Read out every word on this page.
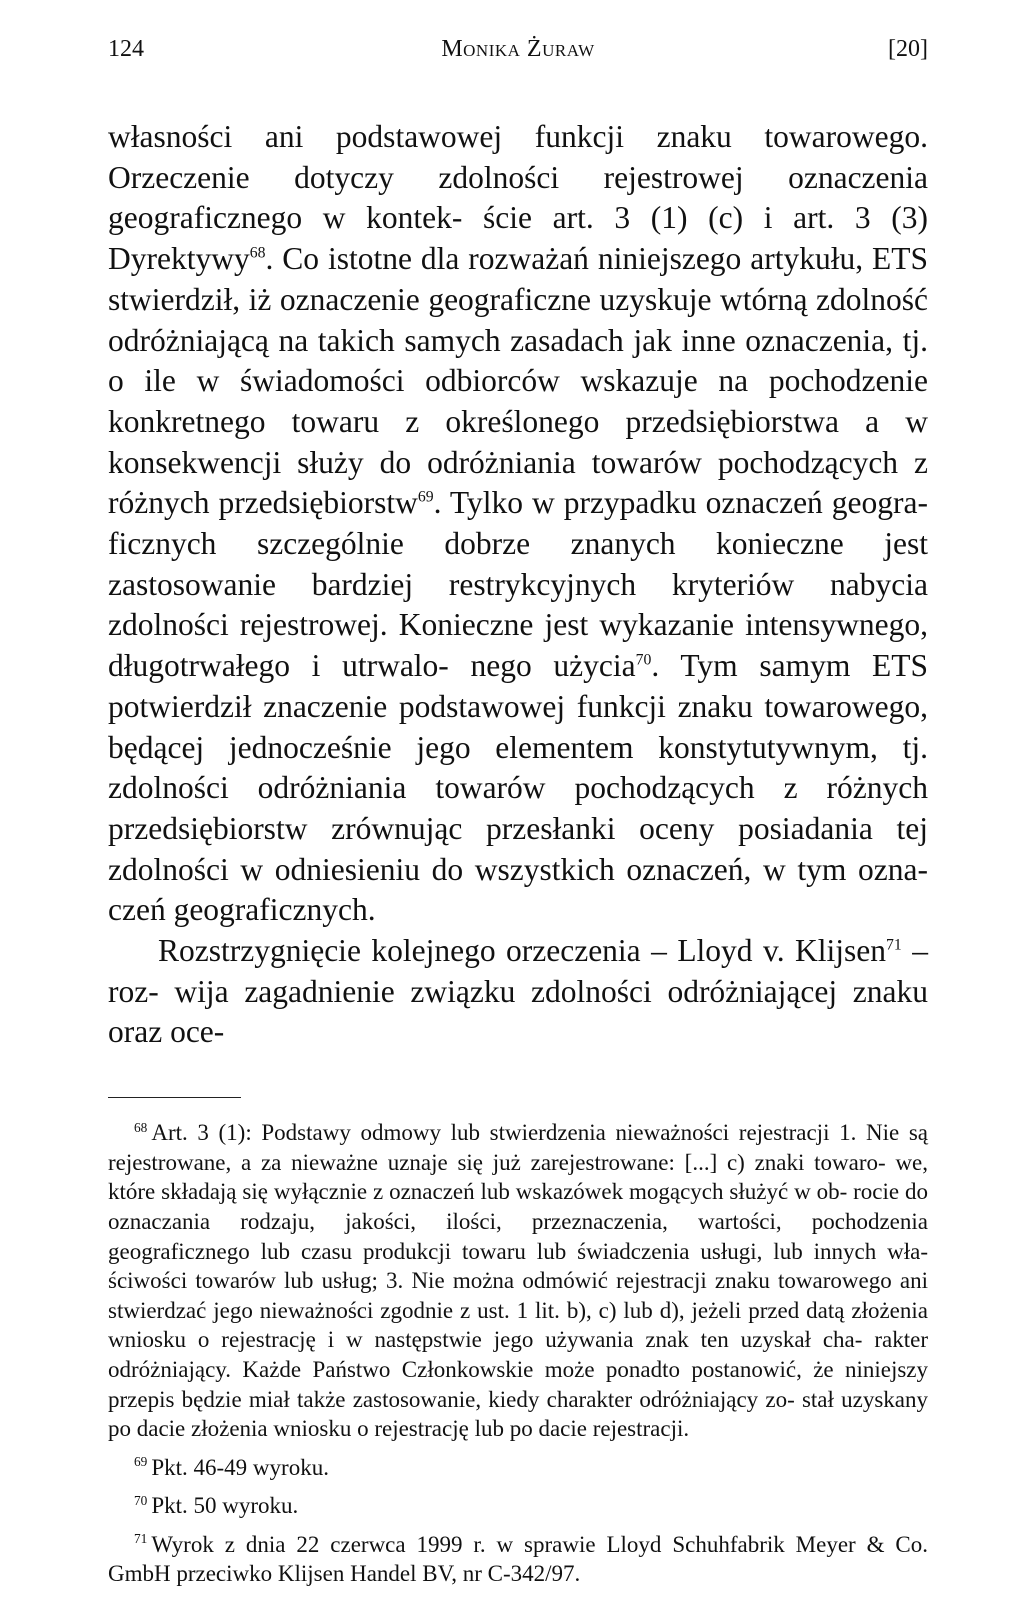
124	Monika Żuraw	[20]

własności ani podstawowej funkcji znaku towarowego. Orzeczenie dotyczy zdolności rejestrowej oznaczenia geograficznego w kontek- ście art. 3 (1) (c) i art. 3 (3) Dyrektywy$^{68}$. Co istotne dla rozważań niniejszego artykułu, ETS stwierdził, iż oznaczenie geograficzne uzyskuje wtórną zdolność odróżniającą na takich samych zasadach jak inne oznaczenia, tj. o ile w świadomości odbiorców wskazuje na pochodzenie konkretnego towaru z określonego przedsiębiorstwa a w konsekwencji służy do odróżniania towarów pochodzących z różnych przedsiębiorstw$^{69}$. Tylko w przypadku oznaczeń geogra- ficznych szczególnie dobrze znanych konieczne jest zastosowanie bardziej restrykcyjnych kryteriów nabycia zdolności rejestrowej. Konieczne jest wykazanie intensywnego, długotrwałego i utrwalo- nego użycia$^{70}$. Tym samym ETS potwierdził znaczenie podstawowej funkcji znaku towarowego, będącej jednocześnie jego elementem konstytutywnym, tj. zdolności odróżniania towarów pochodzących z różnych przedsiębiorstw zrównując przesłanki oceny posiadania tej zdolności w odniesieniu do wszystkich oznaczeń, w tym ozna- czeń geograficznych.

Rozstrzygnięcie kolejnego orzeczenia – Lloyd v. Klijsen$^{71}$ – roz- wija zagadnienie związku zdolności odróżniającej znaku oraz oce-

$^{68}$ Art. 3 (1): Podstawy odmowy lub stwierdzenia nieważności rejestracji 1. Nie są rejestrowane, a za nieważne uznaje się już zarejestrowane: [...] c) znaki towaro- we, które składają się wyłącznie z oznaczeń lub wskazówek mogących służyć w ob- rocie do oznaczania rodzaju, jakości, ilości, przeznaczenia, wartości, pochodzenia geograficznego lub czasu produkcji towaru lub świadczenia usługi, lub innych wła- ściwości towarów lub usług; 3. Nie można odmówić rejestracji znaku towarowego ani stwierdzać jego nieważności zgodnie z ust. 1 lit. b), c) lub d), jeżeli przed datą złożenia wniosku o rejestrację i w następstwie jego używania znak ten uzyskał cha- rakter odróżniający. Każde Państwo Członkowskie może ponadto postanowić, że niniejszy przepis będzie miał także zastosowanie, kiedy charakter odróżniający zo- stał uzyskany po dacie złożenia wniosku o rejestrację lub po dacie rejestracji.

$^{69}$ Pkt. 46-49 wyroku.

$^{70}$ Pkt. 50 wyroku.

$^{71}$ Wyrok z dnia 22 czerwca 1999 r. w sprawie Lloyd Schuhfabrik Meyer & Co. GmbH przeciwko Klijsen Handel BV, nr C-342/97.
